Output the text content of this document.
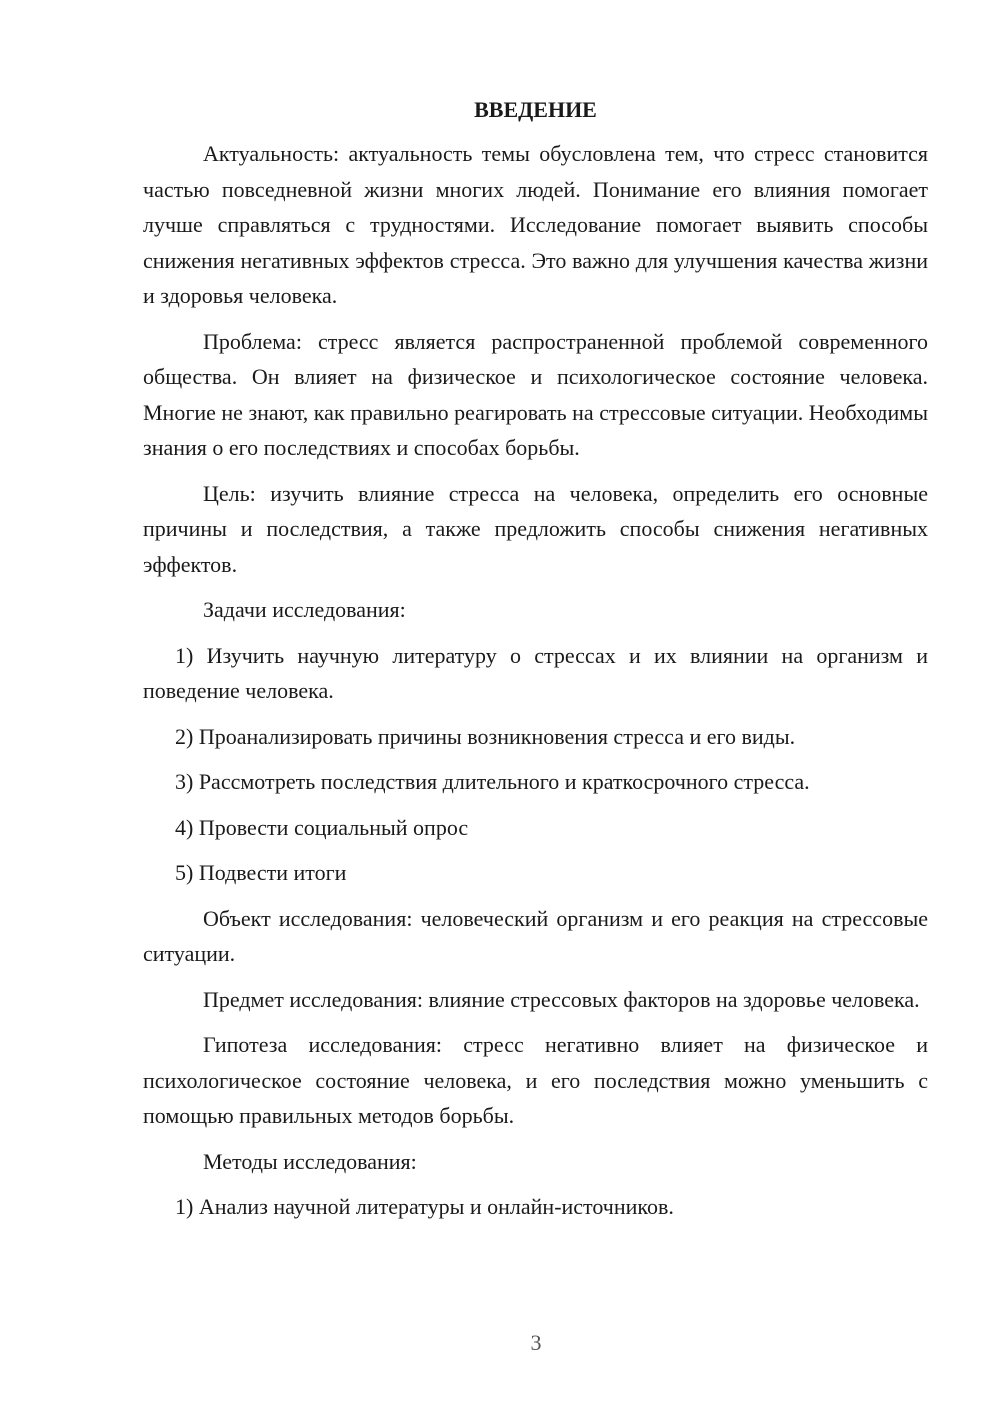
ВВЕДЕНИЕ

Актуальность: актуальность темы обусловлена тем, что стресс становится частью повседневной жизни многих людей. Понимание его влияния помогает лучше справляться с трудностями. Исследование помогает выявить способы снижения негативных эффектов стресса. Это важно для улучшения качества жизни и здоровья человека.

Проблема: стресс является распространенной проблемой современного общества. Он влияет на физическое и психологическое состояние человека. Многие не знают, как правильно реагировать на стрессовые ситуации. Необходимы знания о его последствиях и способах борьбы.

Цель: изучить влияние стресса на человека, определить его основные причины и последствия, а также предложить способы снижения негативных эффектов.

Задачи исследования:

1) Изучить научную литературу о стрессах и их влиянии на организм и поведение человека.

2) Проанализировать причины возникновения стресса и его виды.

3) Рассмотреть последствия длительного и краткосрочного стресса.

4) Провести социальный опрос

5) Подвести итоги

Объект исследования: человеческий организм и его реакция на стрессовые ситуации.

Предмет исследования: влияние стрессовых факторов на здоровье человека.

Гипотеза исследования: стресс негативно влияет на физическое и психологическое состояние человека, и его последствия можно уменьшить с помощью правильных методов борьбы.

Методы исследования:

1) Анализ научной литературы и онлайн-источников.

3
